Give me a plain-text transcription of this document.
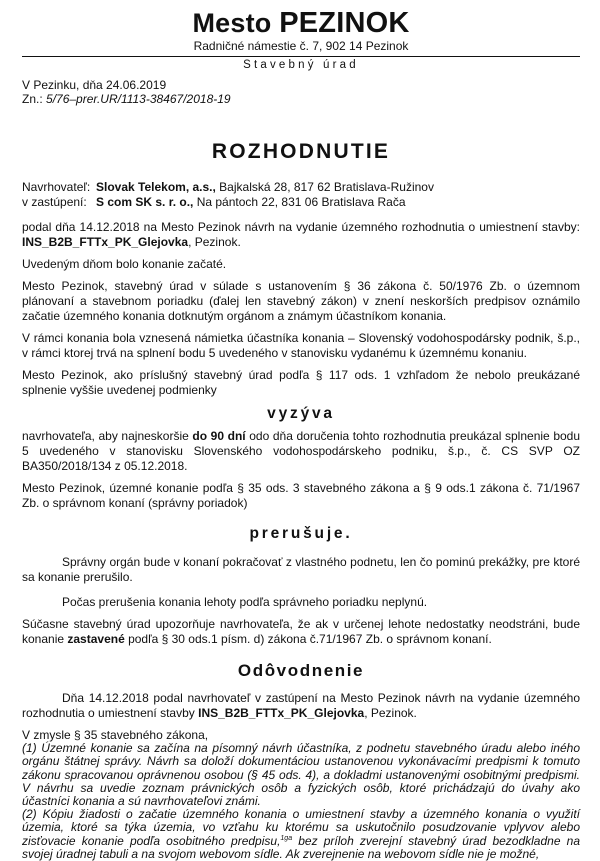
Mesto PEZINOK
Radničné námestie č. 7, 902 14 Pezinok
Stavebný úrad
V Pezinku, dňa 24.06.2019
Zn.: 5/76–prer.UR/1113-38467/2018-19
ROZHODNUTIE
Navrhovateľ: Slovak Telekom, a.s., Bajkalská 28, 817 62 Bratislava-Ružinov
v zastúpení: S com SK s. r. o., Na pántoch 22, 831 06 Bratislava Rača

podal dňa 14.12.2018 na Mesto Pezinok návrh na vydanie územného rozhodnutia o umiestnení stavby: INS_B2B_FTTx_PK_Glejovka, Pezinok.

Uvedeným dňom bolo konanie začaté.

Mesto Pezinok, stavebný úrad v súlade s ustanovením § 36 zákona č. 50/1976 Zb. o územnom plánovaní a stavebnom poriadku (ďalej len stavebný zákon) v znení neskorších predpisov oznámilo začatie územného konania dotknutým orgánom a známym účastníkom konania.

V rámci konania bola vznesená námietka účastníka konania – Slovenský vodohospodársky podnik, š.p., v rámci ktorej trvá na splnení bodu 5 uvedeného v stanovisku vydanému k územnému konaniu.

Mesto Pezinok, ako príslušný stavebný úrad podľa § 117 ods. 1 vzhľadom že nebolo preukázané splnenie vyššie uvedenej podmienky

vyzýva

navrhovateľa, aby najneskoršie do 90 dní odo dňa doručenia tohto rozhodnutia preukázal splnenie bodu 5 uvedeného v stanovisku Slovenského vodohospodárskeho podniku, š.p., č. CS SVP OZ BA350/2018/134 z 05.12.2018.

Mesto Pezinok, územné konanie podľa § 35 ods. 3 stavebného zákona a § 9 ods.1 zákona č. 71/1967 Zb. o správnom konaní (správny poriadok)

prerušuje.

Správny orgán bude v konaní pokračovať z vlastného podnetu, len čo pominú prekážky, pre ktoré sa konanie prerušilo.

Počas prerušenia konania lehoty podľa správneho poriadku neplynú.

Súčasne stavebný úrad upozorňuje navrhovateľa, že ak v určenej lehote nedostatky neodstráni, bude konanie zastavené podľa § 30 ods.1 písm. d) zákona č.71/1967 Zb. o správnom konaní.

Odôvodnenie

Dňa 14.12.2018 podal navrhovateľ v zastúpení na Mesto Pezinok návrh na vydanie územného rozhodnutia o umiestnení stavby INS_B2B_FTTx_PK_Glejovka, Pezinok.

V zmysle § 35 stavebného zákona,

(1) Územné konanie sa začína na písomný návrh účastníka, z podnetu stavebného úradu alebo iného orgánu štátnej správy. Návrh sa doloží dokumentáciou ustanovenou vykonávacími predpismi k tomuto zákonu spracovanou oprávnenou osobou (§ 45 ods. 4), a dokladmi ustanovenými osobitnými predpismi. V návrhu sa uvedie zoznam právnických osôb a fyzických osôb, ktoré prichádzajú do úvahy ako účastníci konania a sú navrhovateľovi známi.

(2) Kópiu žiadosti o začatie územného konania o umiestnení stavby a územného konania o využití územia, ktoré sa týka územia, vo vzťahu ku ktorému sa uskutočnilo posudzovanie vplyvov alebo zisťovacie konanie podľa osobitného predpisu,$^{1ga}$ bez príloh zverejní stavebný úrad bezodkladne na svojej úradnej tabuli a na svojom webovom sídle. Ak zverejnenie na webovom sídle nie je možné,
